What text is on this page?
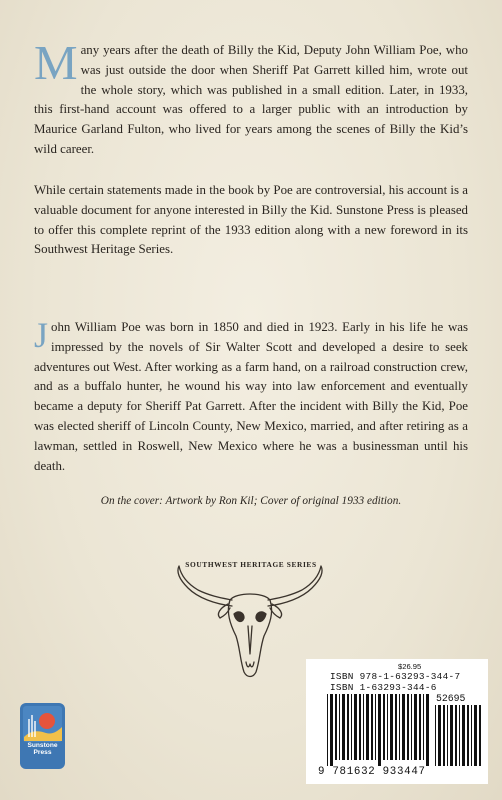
Many years after the death of Billy the Kid, Deputy John William Poe, who was just outside the door when Sheriff Pat Garrett killed him, wrote out the whole story, which was published in a small edition. Later, in 1933, this first-hand account was offered to a larger public with an introduction by Maurice Garland Fulton, who lived for years among the scenes of Billy the Kid’s wild career.

While certain statements made in the book by Poe are controversial, his account is a valuable document for anyone interested in Billy the Kid. Sunstone Press is pleased to offer this complete reprint of the 1933 edition along with a new foreword in its Southwest Heritage Series.

John William Poe was born in 1850 and died in 1923. Early in his life he was impressed by the novels of Sir Walter Scott and developed a desire to seek adventures out West. After working as a farm hand, on a railroad construction crew, and as a buffalo hunter, he wound his way into law enforcement and eventually became a deputy for Sheriff Pat Garrett. After the incident with Billy the Kid, Poe was elected sheriff of Lincoln County, New Mexico, married, and after retiring as a lawman, settled in Roswell, New Mexico where he was a businessman until his death.

On the cover: Artwork by Ron Kil; Cover of original 1933 edition.

SOUTHWEST HERITAGE SERIES

Sunstone
Press
$26.95
ISBN 978-1-63293-344-7
ISBN 1-63293-344-6
52695
9 781632 933447
